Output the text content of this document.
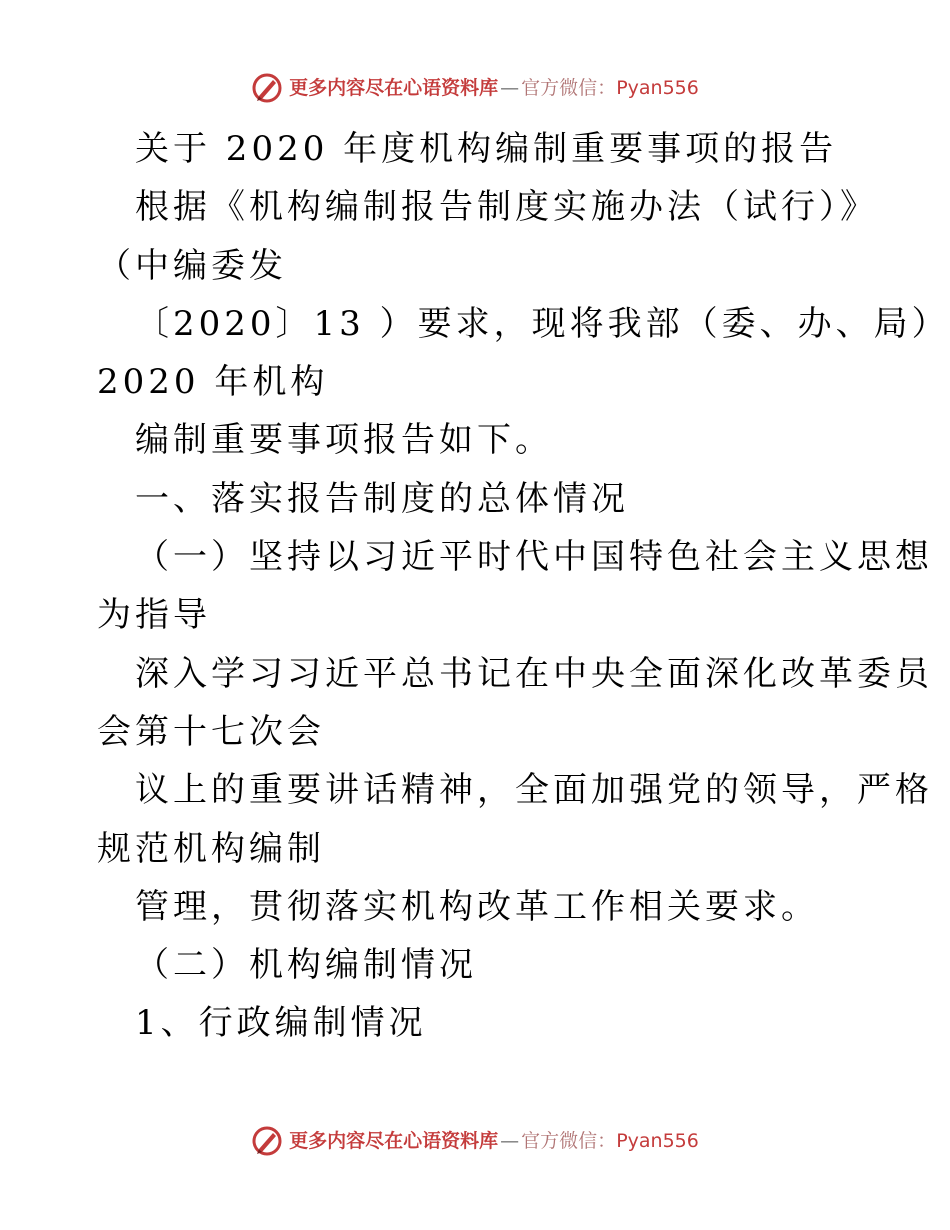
更多内容尽在心语资料库 — 官方微信： Pyan556
关于 2020 年度机构编制重要事项的报告
根据《机构编制报告制度实施办法（试行）》
（中编委发
〔2020〕13 ）要求，现将我部（委、办、局）
2020 年机构
编制重要事项报告如下。
一、落实报告制度的总体情况
（一）坚持以习近平时代中国特色社会主义思想
为指导
深入学习习近平总书记在中央全面深化改革委员
会第十七次会
议上的重要讲话精神，全面加强党的领导，严格
规范机构编制
管理，贯彻落实机构改革工作相关要求。
（二）机构编制情况
1、行政编制情况
更多内容尽在心语资料库 — 官方微信： Pyan556
